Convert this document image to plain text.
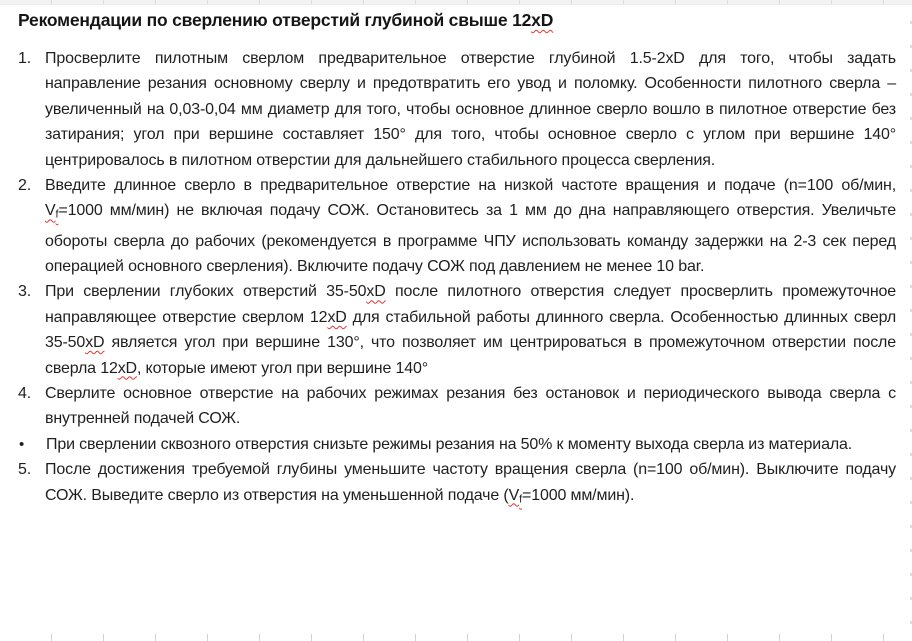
Рекомендации по сверлению отверстий глубиной свыше 12xD
1. Просверлите пилотным сверлом предварительное отверстие глубиной 1.5-2xD для того, чтобы задать направление резания основному сверлу и предотвратить его увод и поломку. Особенности пилотного сверла – увеличенный на 0,03-0,04 мм диаметр для того, чтобы основное длинное сверло вошло в пилотное отверстие без затирания; угол при вершине составляет 150° для того, чтобы основное сверло с углом при вершине 140° центрировалось в пилотном отверстии для дальнейшего стабильного процесса сверления.
2. Введите длинное сверло в предварительное отверстие на низкой частоте вращения и подаче (n=100 об/мин, $V_f=1000$ мм/мин) не включая подачу СОЖ. Остановитесь за 1 мм до дна направляющего отверстия. Увеличьте обороты сверла до рабочих (рекомендуется в программе ЧПУ использовать команду задержки на 2-3 сек перед операцией основного сверления). Включите подачу СОЖ под давлением не менее 10 bar.
3. При сверлении глубоких отверстий 35-50xD после пилотного отверстия следует просверлить промежуточное направляющее отверстие сверлом 12xD для стабильной работы длинного сверла. Особенностью длинных сверл 35-50xD является угол при вершине 130°, что позволяет им центрироваться в промежуточном отверстии после сверла 12xD, которые имеют угол при вершине 140°
4. Сверлите основное отверстие на рабочих режимах резания без остановок и периодического вывода сверла с внутренней подачей СОЖ.
•	При сверлении сквозного отверстия снизьте режимы резания на 50% к моменту выхода сверла из материала.
5. После достижения требуемой глубины уменьшите частоту вращения сверла (n=100 об/мин). Выключите подачу СОЖ. Выведите сверло из отверстия на уменьшенной подаче ($V_f=1000$ мм/мин).
